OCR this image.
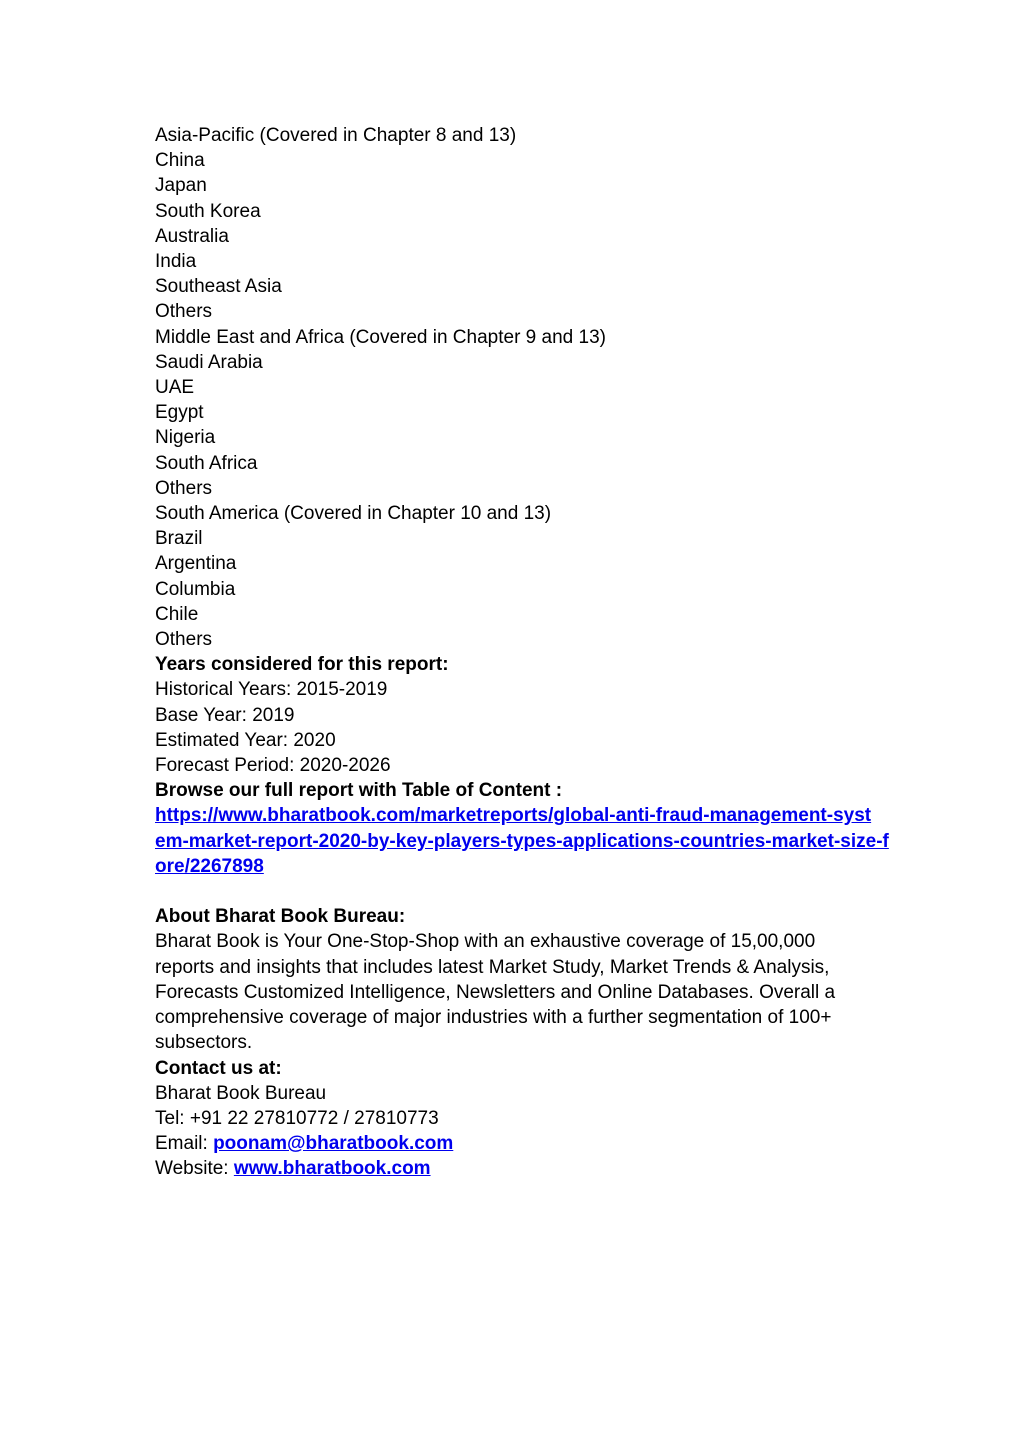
Asia-Pacific (Covered in Chapter 8 and 13)
China
Japan
South Korea
Australia
India
Southeast Asia
Others
Middle East and Africa (Covered in Chapter 9 and 13)
Saudi Arabia
UAE
Egypt
Nigeria
South Africa
Others
South America (Covered in Chapter 10 and 13)
Brazil
Argentina
Columbia
Chile
Others
Years considered for this report:
Historical Years: 2015-2019
Base Year: 2019
Estimated Year: 2020
Forecast Period: 2020-2026
Browse our full report with Table of Content :
https://www.bharatbook.com/marketreports/global-anti-fraud-management-syst
em-market-report-2020-by-key-players-types-applications-countries-market-size-f
ore/2267898
About Bharat Book Bureau:
Bharat Book is Your One-Stop-Shop with an exhaustive coverage of 15,00,000
reports and insights that includes latest Market Study, Market Trends & Analysis,
Forecasts Customized Intelligence, Newsletters and Online Databases. Overall a
comprehensive coverage of major industries with a further segmentation of 100+
subsectors.
Contact us at:
Bharat Book Bureau
Tel: +91 22 27810772 / 27810773
Email: poonam@bharatbook.com
Website: www.bharatbook.com
